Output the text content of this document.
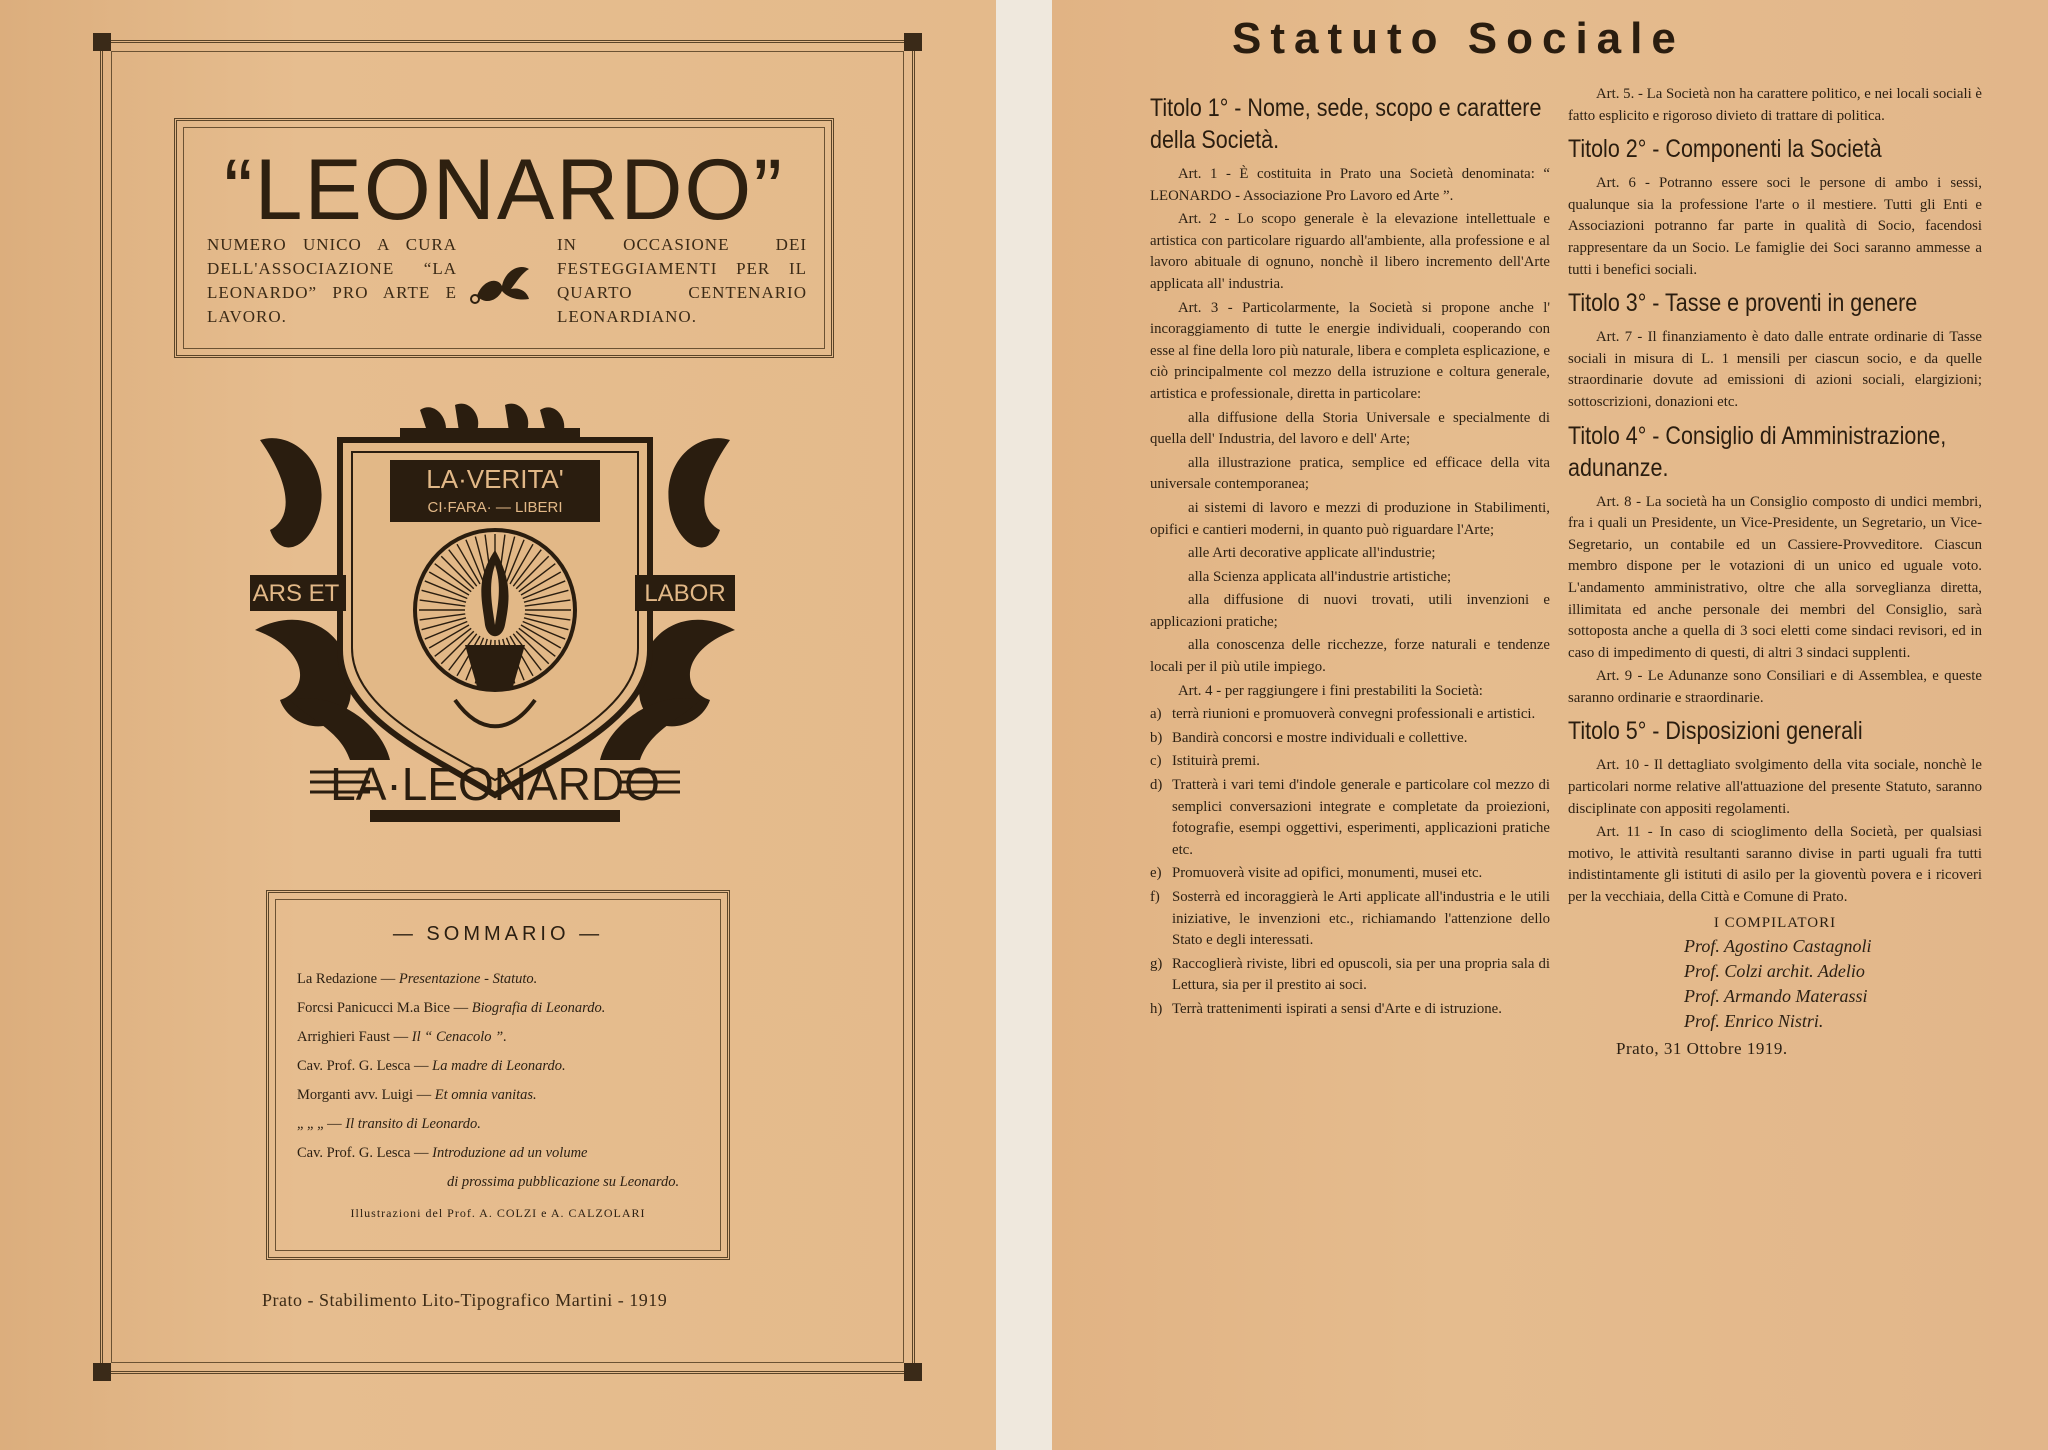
“LEONARDO”
NUMERO UNICO A CURA DELL'ASSOCIAZIONE “LA LEONARDO” PRO ARTE E LAVORO.
IN OCCASIONE DEI FESTEGGIAMENTI PER IL QUARTO CENTENARIO LEONARDIANO.
LA·VERITA'
CI·FARA· — LIBERI
ARS ET	LABOR
LA·LEONARDO
— SOMMARIO —
La Redazione — Presentazione - Statuto.
Forcsi Panicucci M.a Bice — Biografia di Leonardo.
Arrighieri Faust — Il “ Cenacolo ”.
Cav. Prof. G. Lesca — La madre di Leonardo.
Morganti avv. Luigi — Et omnia vanitas.
„ „ „ — Il transito di Leonardo.
Cav. Prof. G. Lesca — Introduzione ad un volume
di prossima pubblicazione su Leonardo.
Illustrazioni del Prof. A. COLZI e A. CALZOLARI
Prato - Stabilimento Lito-Tipografico Martini - 1919
Statuto Sociale
Titolo 1° - Nome, sede, scopo e carattere della Società.
Art. 1 - È costituita in Prato una Società denominata: “ LEONARDO - Associazione Pro Lavoro ed Arte ”.
Art. 2 - Lo scopo generale è la elevazione intellettuale e artistica con particolare riguardo all'ambiente, alla professione e al lavoro abituale di ognuno, nonchè il libero incremento dell'Arte applicata all' industria.
Art. 3 - Particolarmente, la Società si propone anche l' incoraggiamento di tutte le energie individuali, cooperando con esse al fine della loro più naturale, libera e completa esplicazione, e ciò principalmente col mezzo della istruzione e coltura generale, artistica e professionale, diretta in particolare:
alla diffusione della Storia Universale e specialmente di quella dell' Industria, del lavoro e dell' Arte;
alla illustrazione pratica, semplice ed efficace della vita universale contemporanea;
ai sistemi di lavoro e mezzi di produzione in Stabilimenti, opifici e cantieri moderni, in quanto può riguardare l'Arte;
alle Arti decorative applicate all'industrie;
alla Scienza applicata all'industrie artistiche;
alla diffusione di nuovi trovati, utili invenzioni e applicazioni pratiche;
alla conoscenza delle ricchezze, forze naturali e tendenze locali per il più utile impiego.
Art. 4 - per raggiungere i fini prestabiliti la Società:
a) terrà riunioni e promuoverà convegni professionali e artistici.
b) Bandirà concorsi e mostre individuali e collettive.
c) Istituirà premi.
d) Tratterà i vari temi d'indole generale e particolare col mezzo di semplici conversazioni integrate e completate da proiezioni, fotografie, esempi oggettivi, esperimenti, applicazioni pratiche etc.
e) Promuoverà visite ad opifici, monumenti, musei etc.
f) Sosterrà ed incoraggierà le Arti applicate all'industria e le utili iniziative, le invenzioni etc., richiamando l'attenzione dello Stato e degli interessati.
g) Raccoglierà riviste, libri ed opuscoli, sia per una propria sala di Lettura, sia per il prestito ai soci.
h) Terrà trattenimenti ispirati a sensi d'Arte e di istruzione.
Art. 5. - La Società non ha carattere politico, e nei locali sociali è fatto esplicito e rigoroso divieto di trattare di politica.
Titolo 2° - Componenti la Società
Art. 6 - Potranno essere soci le persone di ambo i sessi, qualunque sia la professione l'arte o il mestiere. Tutti gli Enti e Associazioni potranno far parte in qualità di Socio, facendosi rappresentare da un Socio. Le famiglie dei Soci saranno ammesse a tutti i benefici sociali.
Titolo 3° - Tasse e proventi in genere
Art. 7 - Il finanziamento è dato dalle entrate ordinarie di Tasse sociali in misura di L. 1 mensili per ciascun socio, e da quelle straordinarie dovute ad emissioni di azioni sociali, elargizioni; sottoscrizioni, donazioni etc.
Titolo 4° - Consiglio di Amministrazione, adunanze.
Art. 8 - La società ha un Consiglio composto di undici membri, fra i quali un Presidente, un Vice-Presidente, un Segretario, un Vice-Segretario, un contabile ed un Cassiere-Provveditore. Ciascun membro dispone per le votazioni di un unico ed uguale voto. L'andamento amministrativo, oltre che alla sorveglianza diretta, illimitata ed anche personale dei membri del Consiglio, sarà sottoposta anche a quella di 3 soci eletti come sindaci revisori, ed in caso di impedimento di questi, di altri 3 sindaci supplenti.
Art. 9 - Le Adunanze sono Consiliari e di Assemblea, e queste saranno ordinarie e straordinarie.
Titolo 5° - Disposizioni generali
Art. 10 - Il dettagliato svolgimento della vita sociale, nonchè le particolari norme relative all'attuazione del presente Statuto, saranno disciplinate con appositi regolamenti.
Art. 11 - In caso di scioglimento della Società, per qualsiasi motivo, le attività resultanti saranno divise in parti uguali fra tutti indistintamente gli istituti di asilo per la gioventù povera e i ricoveri per la vecchiaia, della Città e Comune di Prato.
I COMPILATORI
Prof. Agostino Castagnoli
Prof. Colzi archit. Adelio
Prof. Armando Materassi
Prof. Enrico Nistri.
Prato, 31 Ottobre 1919.
